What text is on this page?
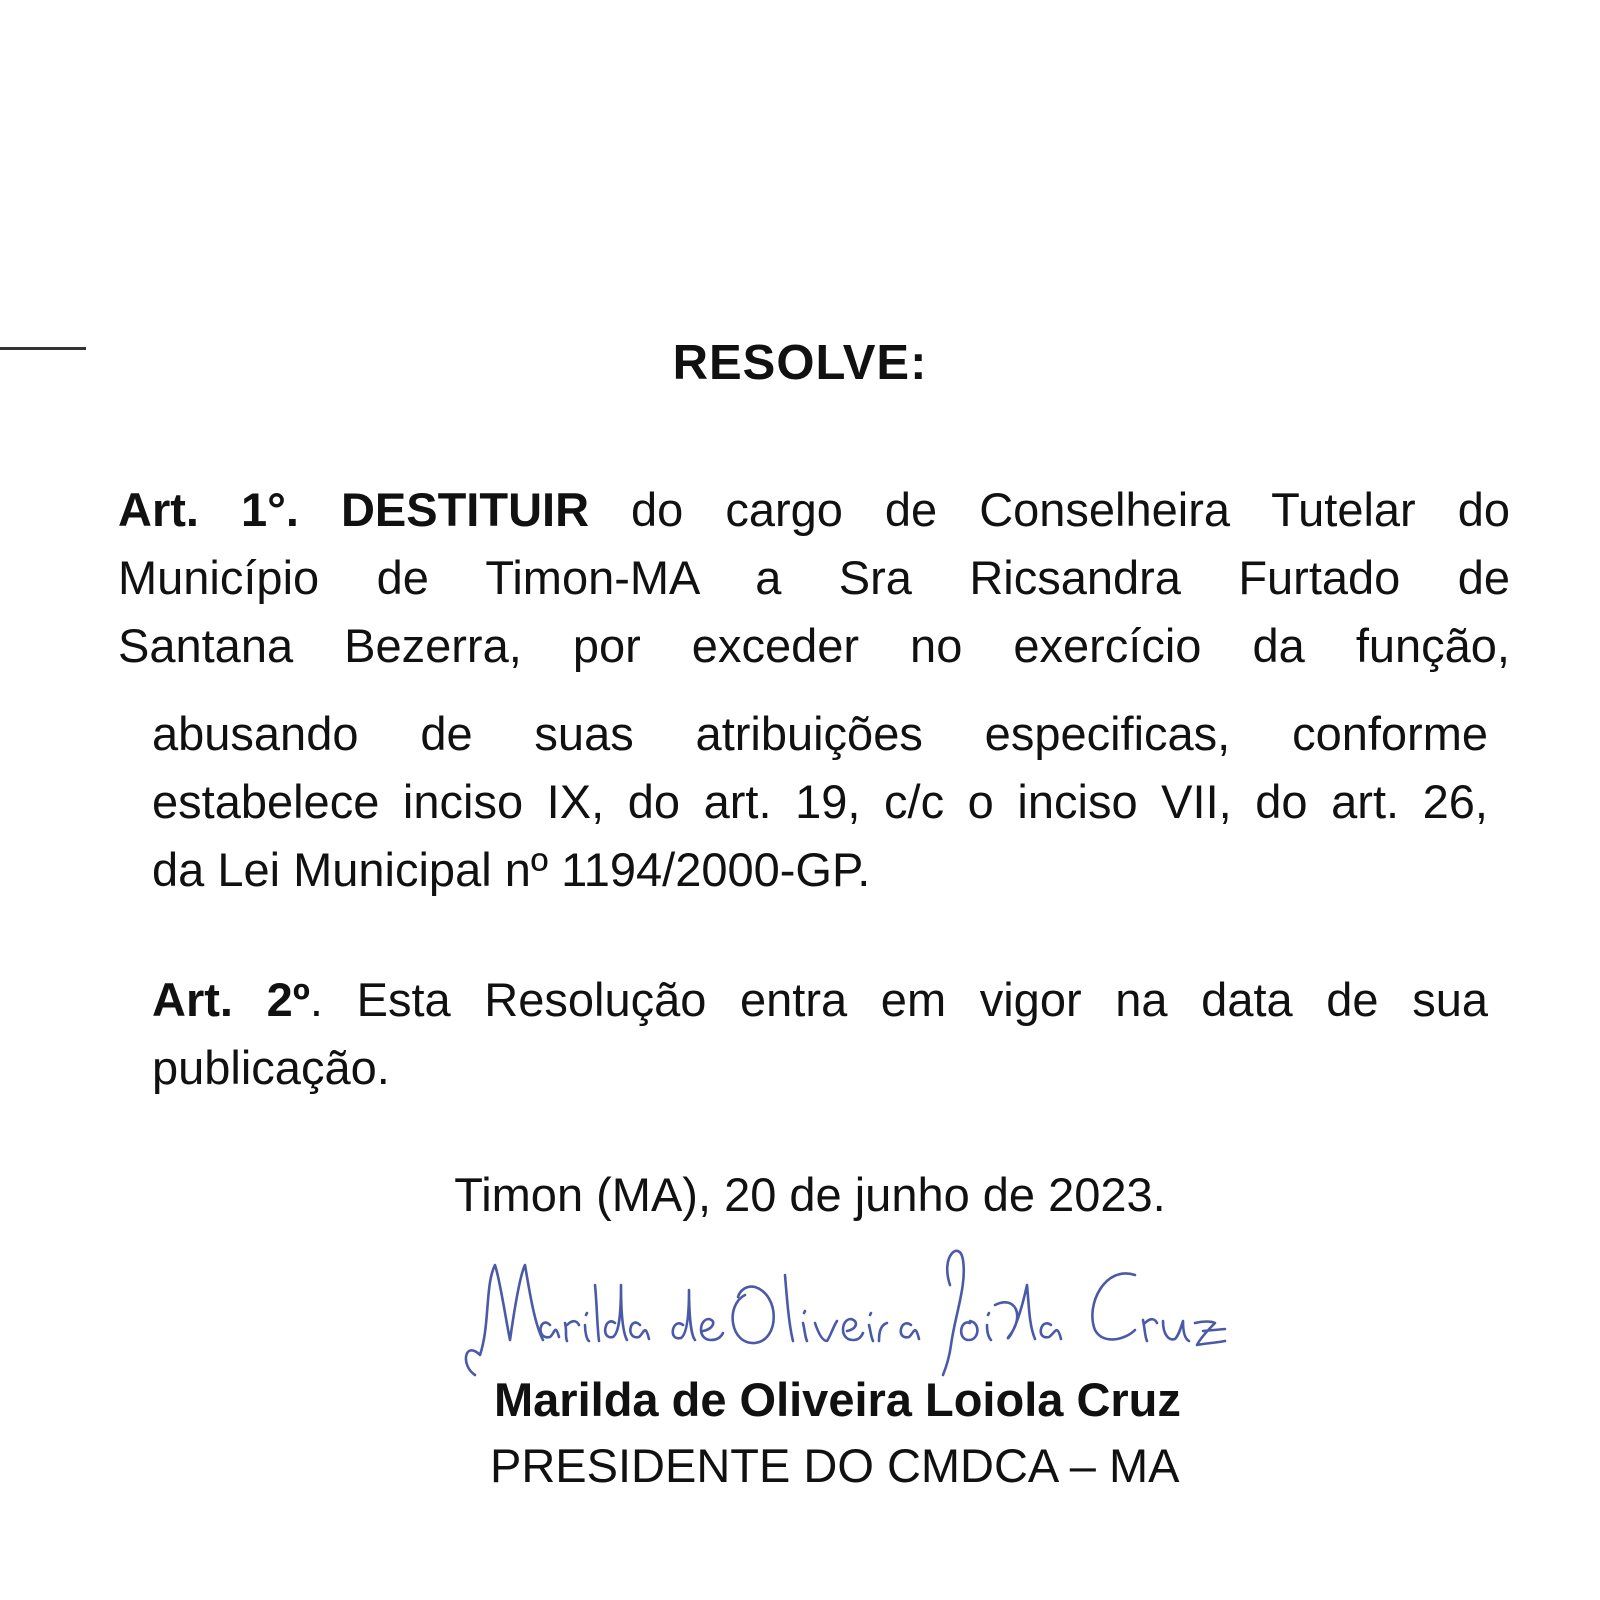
RESOLVE:
Art. 1°. DESTITUIR do cargo de Conselheira Tutelar do
Município de Timon-MA a Sra Ricsandra Furtado de
Santana Bezerra, por exceder no exercício da função,
abusando de suas atribuições especificas, conforme
estabelece inciso IX, do art. 19, c/c o inciso VII, do art. 26,
da Lei Municipal nº 1194/2000-GP.
Art. 2º. Esta Resolução entra em vigor na data de sua
publicação.
Timon (MA), 20 de junho de 2023.
Marilda de Oliveira Loiola Cruz
PRESIDENTE DO CMDCA – MA
